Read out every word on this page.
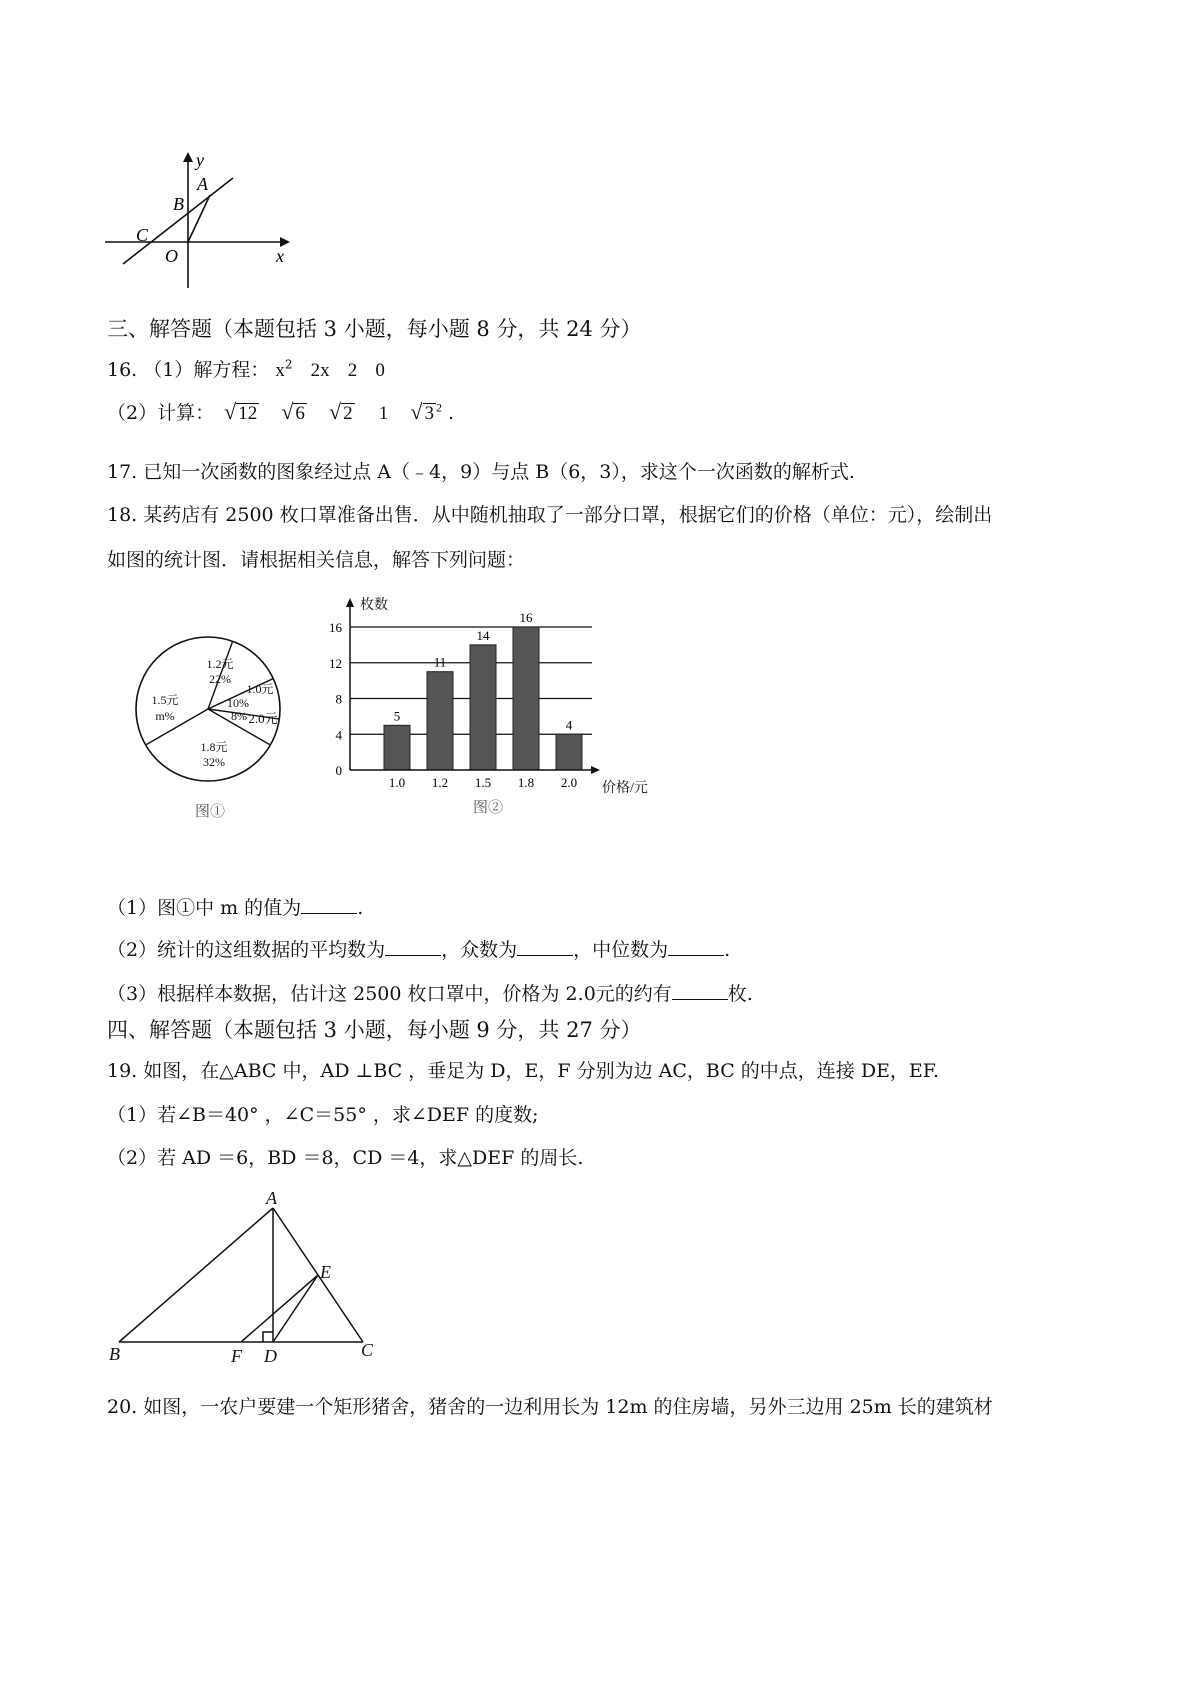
y
A
B
C
O	x
三、解答题（本题包括 3 小题，每小题 8 分，共 24 分）
16. （1）解方程： $x^2$ 2x 2 0
（2）计算： √ 12 √ 6 √ 2 1 √ 3 $^2$ .
17. 已知一次函数的图象经过点 A（﹣4，9）与点 B（6，3），求这个一次函数的解析式.
18. 某药店有 2500 枚口罩准备出售．从中随机抽取了一部分口罩，根据它们的价格（单位：元），绘制出
如图的统计图．请根据相关信息，解答下列问题：
1.2元
22%
1.0元
10%
8% 2.0元
1.8元
32%
1.5元
m%
图①
5
11
14
16
4
1.0 1.2 1.5 1.8 2.0
0
4
8
12
16
枚数
价格/元
图②
（1）图①中 m 的值为	.
（2）统计的这组数据的平均数为	，众数为	，中位数为	.
（3）根据样本数据，估计这 2500 枚口罩中，价格为 2.0元的约有	枚.
四、解答题（本题包括 3 小题，每小题 9 分，共 27 分）
19. 如图，在△ABC 中，AD ⊥BC ，垂足为 D，E，F 分别为边 AC，BC 的中点，连接 DE，EF.
（1）若∠B＝40° ，∠C＝55° ，求∠DEF 的度数;
（2）若 AD ＝6，BD ＝8，CD ＝4，求△DEF 的周长.
A
E
B	F D	C
20. 如图，一农户要建一个矩形猪舍，猪舍的一边利用长为 12m 的住房墙，另外三边用 25m 长的建筑材
